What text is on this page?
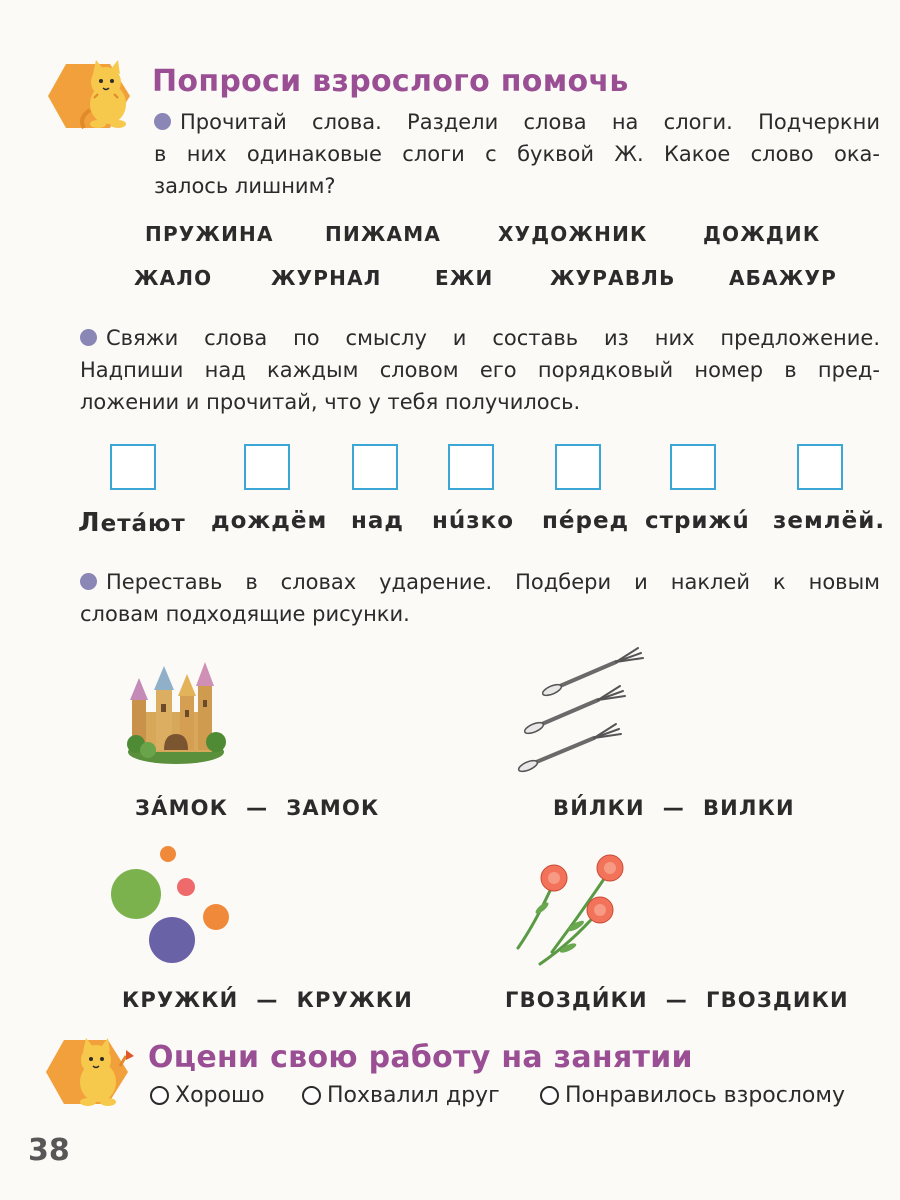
Попроси взрослого помочь
Прочитай слова. Раздели слова на слоги. Подчеркни
в них одинаковые слоги с буквой Ж. Какое слово ока-
залось лишним?
ПРУЖИНА	ПИЖАМА	ХУДОЖНИК	ДОЖДИК
ЖАЛО	ЖУРНАЛ	ЕЖИ	ЖУРАВЛЬ	АБАЖУР
Свяжи слова по смыслу и составь из них предложение.
Надпиши над каждым словом его порядковый номер в пред-
ложении и прочитай, что у тебя получилось.
Летáют дождём над нúзко пéред стрижú землёй.
Переставь в словах ударение. Подбери и наклей к новым
словам подходящие рисунки.
ЗÁМОК — ЗАМОК	ВИ́ЛКИ — ВИЛКИ
КРУЖКИ́ — КРУЖКИ	ГВОЗДИ́КИ — ГВОЗДИКИ
Оцени свою работу на занятии
Хорошо	Похвалил друг	Понравилось взрослому
38
